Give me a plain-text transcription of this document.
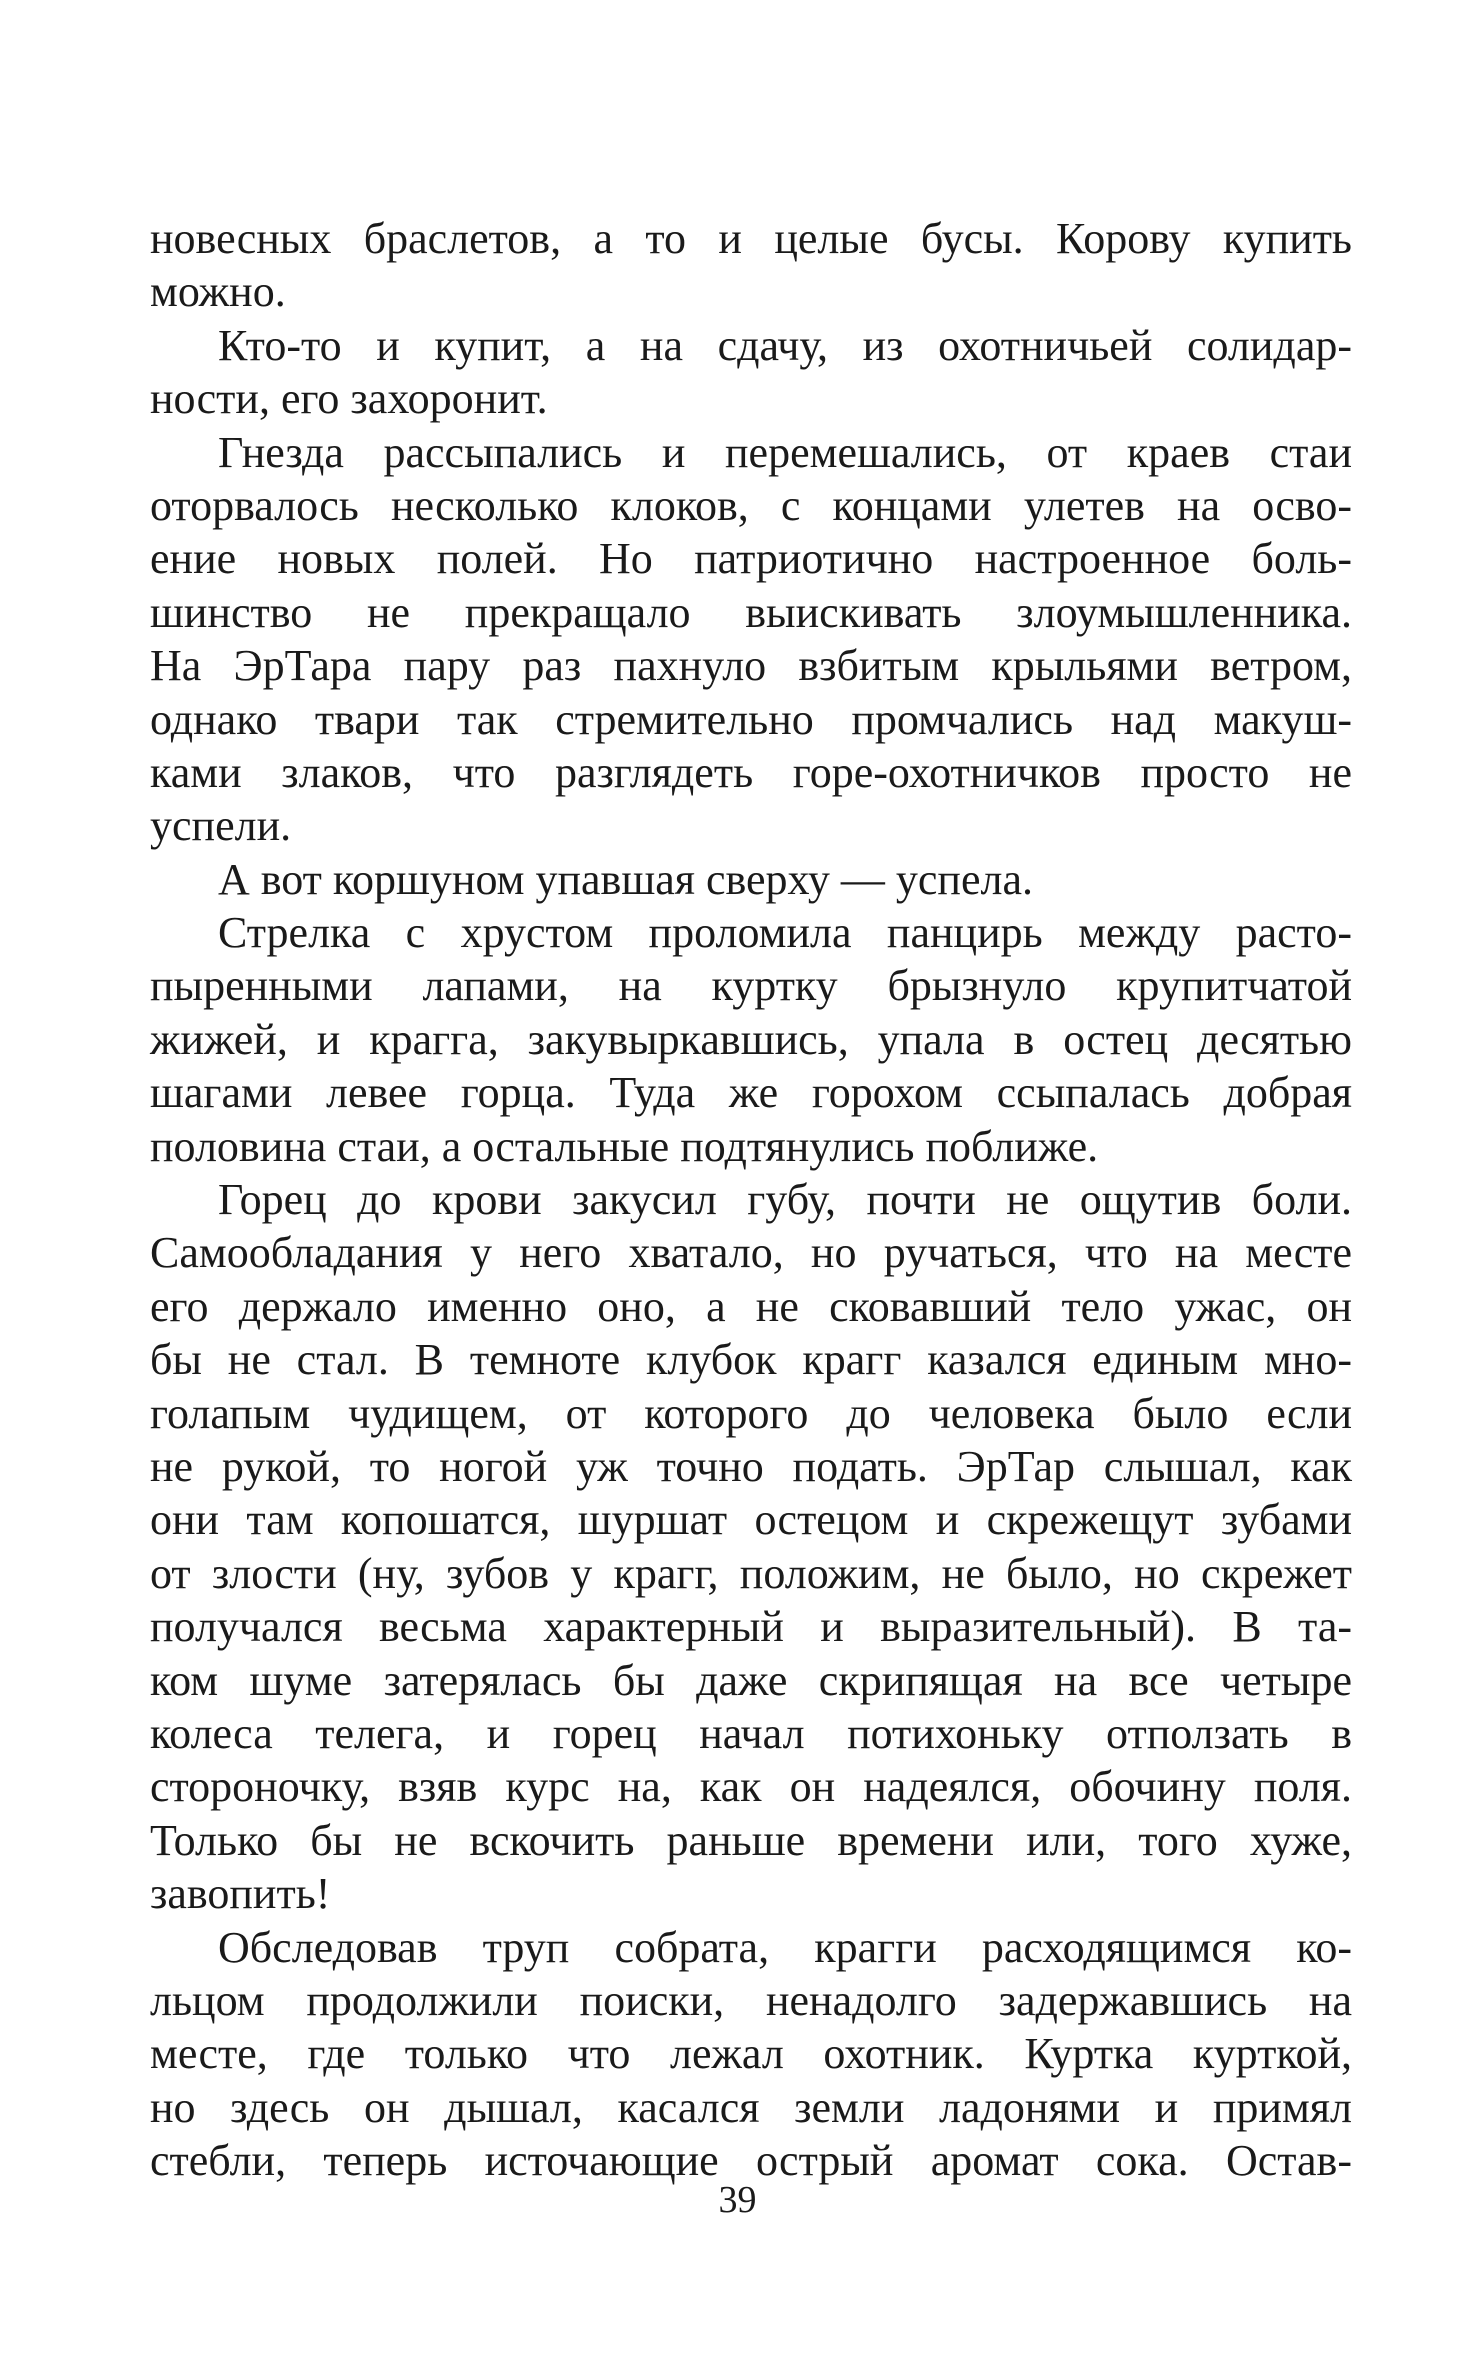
новесных браслетов, а то и целые бусы. Корову купить
можно.
Кто-то и купит, а на сдачу, из охотничьей солидар-
ности, его захоронит.
Гнезда рассыпались и перемешались, от краев стаи
оторвалось несколько клоков, с концами улетев на осво-
ение новых полей. Но патриотично настроенное боль-
шинство не прекращало выискивать злоумышленника.
На ЭрТара пару раз пахнуло взбитым крыльями ветром,
однако твари так стремительно промчались над макуш-
ками злаков, что разглядеть горе-охотничков просто не
успели.
А вот коршуном упавшая сверху — успела.
Стрелка с хрустом проломила панцирь между расто-
пыренными лапами, на куртку брызнуло крупитчатой
жижей, и крагга, закувыркавшись, упала в остец десятью
шагами левее горца. Туда же горохом ссыпалась добрая
половина стаи, а остальные подтянулись поближе.
Горец до крови закусил губу, почти не ощутив боли.
Самообладания у него хватало, но ручаться, что на месте
его держало именно оно, а не сковавший тело ужас, он
бы не стал. В темноте клубок крагг казался единым мно-
голапым чудищем, от которого до человека было если
не рукой, то ногой уж точно подать. ЭрТар слышал, как
они там копошатся, шуршат остецом и скрежещут зубами
от злости (ну, зубов у крагг, положим, не было, но скрежет
получался весьма характерный и выразительный). В та-
ком шуме затерялась бы даже скрипящая на все четыре
колеса телега, и горец начал потихоньку отползать в
стороночку, взяв курс на, как он надеялся, обочину поля.
Только бы не вскочить раньше времени или, того хуже,
завопить!
Обследовав труп собрата, крагги расходящимся ко-
льцом продолжили поиски, ненадолго задержавшись на
месте, где только что лежал охотник. Куртка курткой,
но здесь он дышал, касался земли ладонями и примял
стебли, теперь источающие острый аромат сока. Остав-
39
